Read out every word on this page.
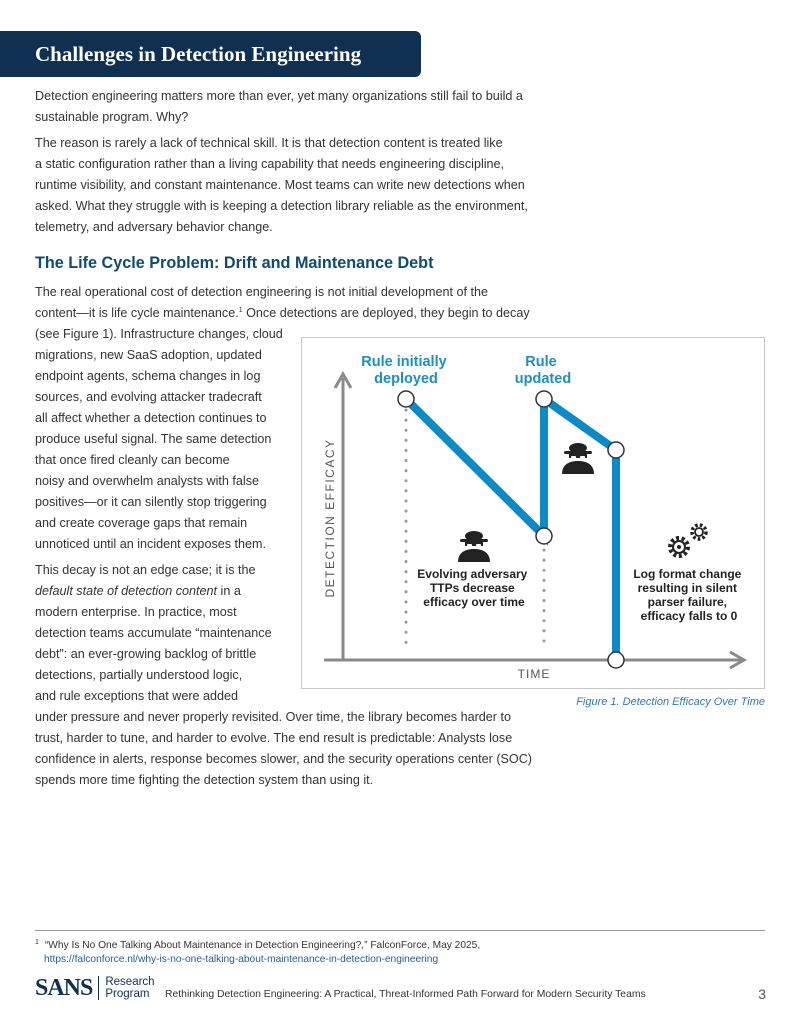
Challenges in Detection Engineering
Detection engineering matters more than ever, yet many organizations still fail to build a
sustainable program. Why?
The reason is rarely a lack of technical skill. It is that detection content is treated like
a static configuration rather than a living capability that needs engineering discipline,
runtime visibility, and constant maintenance. Most teams can write new detections when
asked. What they struggle with is keeping a detection library reliable as the environment,
telemetry, and adversary behavior change.
The Life Cycle Problem: Drift and Maintenance Debt
The real operational cost of detection engineering is not initial development of the
content—it is life cycle maintenance.$^1$ Once detections are deployed, they begin to decay
(see Figure 1). Infrastructure changes, cloud
migrations, new SaaS adoption, updated
endpoint agents, schema changes in log
sources, and evolving attacker tradecraft
all affect whether a detection continues to
produce useful signal. The same detection
that once fired cleanly can become
noisy and overwhelm analysts with false
positives—or it can silently stop triggering
and create coverage gaps that remain
unnoticed until an incident exposes them.
This decay is not an edge case; it is the
default state of detection content in a
modern enterprise. In practice, most
detection teams accumulate “maintenance
debt”: an ever-growing backlog of brittle
detections, partially understood logic,
and rule exceptions that were added
under pressure and never properly revisited. Over time, the library becomes harder to
trust, harder to tune, and harder to evolve. The end result is predictable: Analysts lose
confidence in alerts, response becomes slower, and the security operations center (SOC)
spends more time fighting the detection system than using it.
DETECTION EFFICACY
TIME
Rule initially deployed
Rule updated
Evolving adversary TTPs decrease efficacy over time
Log format change resulting in silent parser failure, efficacy falls to 0
Figure 1. Detection Efficacy Over Time
$^1$ “Why Is No One Talking About Maintenance in Detection Engineering?,” FalconForce, May 2025,
https://falconforce.nl/why-is-no-one-talking-about-maintenance-in-detection-engineering
SANS Research
Program	Rethinking Detection Engineering: A Practical, Threat-Informed Path Forward for Modern Security Teams	3
